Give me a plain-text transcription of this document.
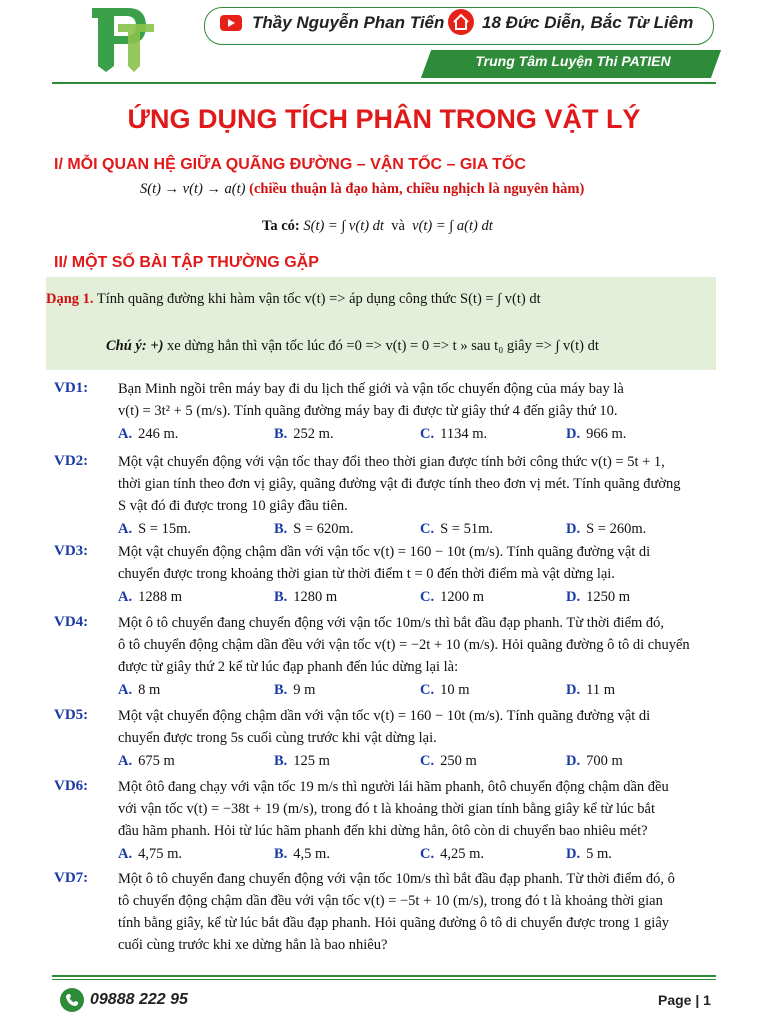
Thầy Nguyễn Phan Tiến 18 Đức Diễn, Bắc Từ Liêm
Trung Tâm Luyện Thi PATIEN
ỨNG DỤNG TÍCH PHÂN TRONG VẬT LÝ
I/ MỖI QUAN HỆ GIỮA QUÃNG ĐƯỜNG – VẬN TỐC – GIA TỐC
S(t) → v(t) → a(t) (chiều thuận là đạo hàm, chiều nghịch là nguyên hàm)
Ta có: S(t) = ∫ v(t) dt và v(t) = ∫ a(t) dt
II/ MỘT SỐ BÀI TẬP THƯỜNG GẶP
Dạng 1. Tính quãng đường khi hàm vận tốc v(t) => áp dụng công thức S(t) = ∫ v(t) dt
Chú ý: +) xe dừng hẳn thì vận tốc lúc đó =0 => v(t) = 0 => t » sau t₀ giây => ∫ v(t) dt
VD1: Bạn Minh ngồi trên máy bay đi du lịch thế giới và vận tốc chuyển động của máy bay là
v(t) = 3t² + 5 (m/s). Tính quãng đường máy bay đi được từ giây thứ 4 đến giây thứ 10.
A. 246 m.	B. 252 m.	C. 1134 m.	D. 966 m.
VD2: Một vật chuyển động với vận tốc thay đổi theo thời gian được tính bởi công thức v(t) = 5t + 1,
thời gian tính theo đơn vị giây, quãng đường vật đi được tính theo đơn vị mét. Tính quãng đường
S vật đó đi được trong 10 giây đầu tiên.
A. S = 15m.	B. S = 620m.	C. S = 51m.	D. S = 260m.
VD3: Một vật chuyển động chậm dần với vận tốc v(t) = 160 − 10t (m/s). Tính quãng đường vật di
chuyển được trong khoảng thời gian từ thời điểm t = 0 đến thời điểm mà vật dừng lại.
A. 1288 m	B. 1280 m	C. 1200 m	D. 1250 m
VD4: Một ô tô chuyển đang chuyển động với vận tốc 10m/s thì bắt đầu đạp phanh. Từ thời điểm đó,
ô tô chuyển động chậm dần đều với vận tốc v(t) = −2t + 10 (m/s). Hỏi quãng đường ô tô di chuyển
được từ giây thứ 2 kể từ lúc đạp phanh đến lúc dừng lại là:
A. 8 m	B. 9 m	C. 10 m	D. 11 m
VD5: Một vật chuyển động chậm dần với vận tốc v(t) = 160 − 10t (m/s). Tính quãng đường vật di
chuyển được trong 5s cuối cùng trước khi vật dừng lại.
A. 675 m	B. 125 m	C. 250 m	D. 700 m
VD6: Một ôtô đang chạy với vận tốc 19 m/s thì người lái hãm phanh, ôtô chuyển động chậm dần đều
với vận tốc v(t) = −38t + 19 (m/s), trong đó t là khoảng thời gian tính bằng giây kể từ lúc bắt
đầu hãm phanh. Hỏi từ lúc hãm phanh đến khi dừng hẳn, ôtô còn di chuyển bao nhiêu mét?
A. 4,75 m.	B. 4,5 m.	C. 4,25 m.	D. 5 m.
VD7: Một ô tô chuyển đang chuyển động với vận tốc 10m/s thì bắt đầu đạp phanh. Từ thời điểm đó, ô
tô chuyển động chậm dần đều với vận tốc v(t) = −5t + 10 (m/s), trong đó t là khoảng thời gian
tính bằng giây, kể từ lúc bắt đầu đạp phanh. Hỏi quãng đường ô tô di chuyển được trong 1 giây
cuối cùng trước khi xe dừng hẳn là bao nhiêu?
09888 222 95	Page | 1
